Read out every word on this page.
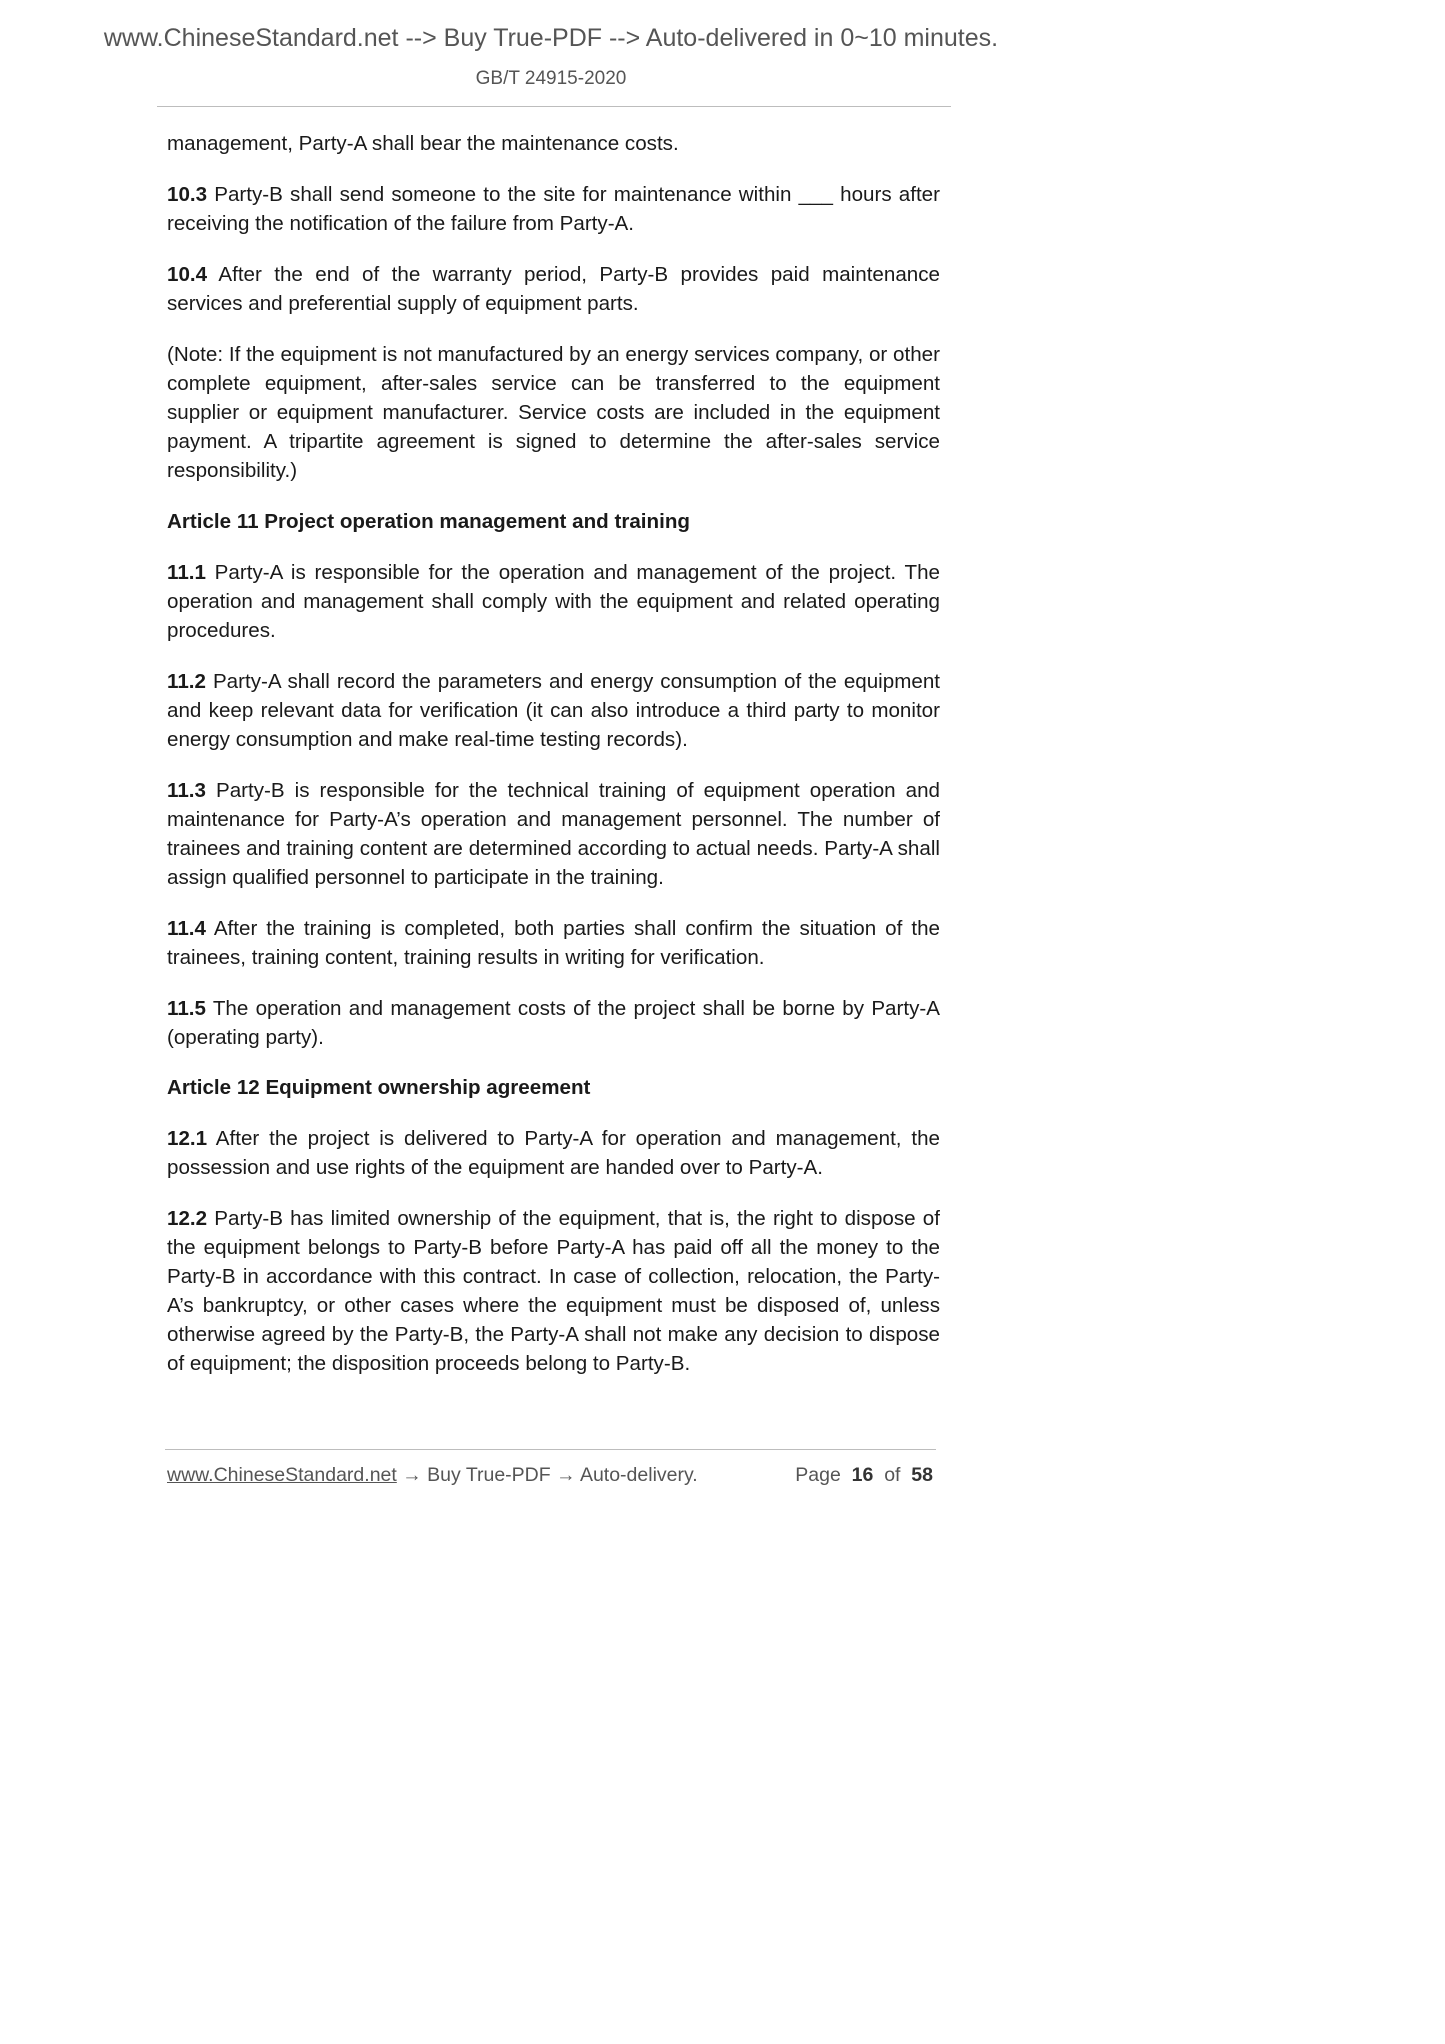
www.ChineseStandard.net --> Buy True-PDF --> Auto-delivered in 0~10 minutes.
GB/T 24915-2020

management, Party-A shall bear the maintenance costs.

10.3 Party-B shall send someone to the site for maintenance within ___ hours after receiving the notification of the failure from Party-A.

10.4 After the end of the warranty period, Party-B provides paid maintenance services and preferential supply of equipment parts.

(Note: If the equipment is not manufactured by an energy services company, or other complete equipment, after-sales service can be transferred to the equipment supplier or equipment manufacturer. Service costs are included in the equipment payment. A tripartite agreement is signed to determine the after-sales service responsibility.)

Article 11 Project operation management and training

11.1 Party-A is responsible for the operation and management of the project. The operation and management shall comply with the equipment and related operating procedures.

11.2 Party-A shall record the parameters and energy consumption of the equipment and keep relevant data for verification (it can also introduce a third party to monitor energy consumption and make real-time testing records).

11.3 Party-B is responsible for the technical training of equipment operation and maintenance for Party-A’s operation and management personnel. The number of trainees and training content are determined according to actual needs. Party-A shall assign qualified personnel to participate in the training.

11.4 After the training is completed, both parties shall confirm the situation of the trainees, training content, training results in writing for verification.

11.5 The operation and management costs of the project shall be borne by Party-A (operating party).

Article 12 Equipment ownership agreement

12.1 After the project is delivered to Party-A for operation and management, the possession and use rights of the equipment are handed over to Party-A.

12.2 Party-B has limited ownership of the equipment, that is, the right to dispose of the equipment belongs to Party-B before Party-A has paid off all the money to the Party-B in accordance with this contract. In case of collection, relocation, the Party-A’s bankruptcy, or other cases where the equipment must be disposed of, unless otherwise agreed by the Party-B, the Party-A shall not make any decision to dispose of equipment; the disposition proceeds belong to Party-B.

www.ChineseStandard.net → Buy True-PDF → Auto-delivery.	Page 16 of 58
